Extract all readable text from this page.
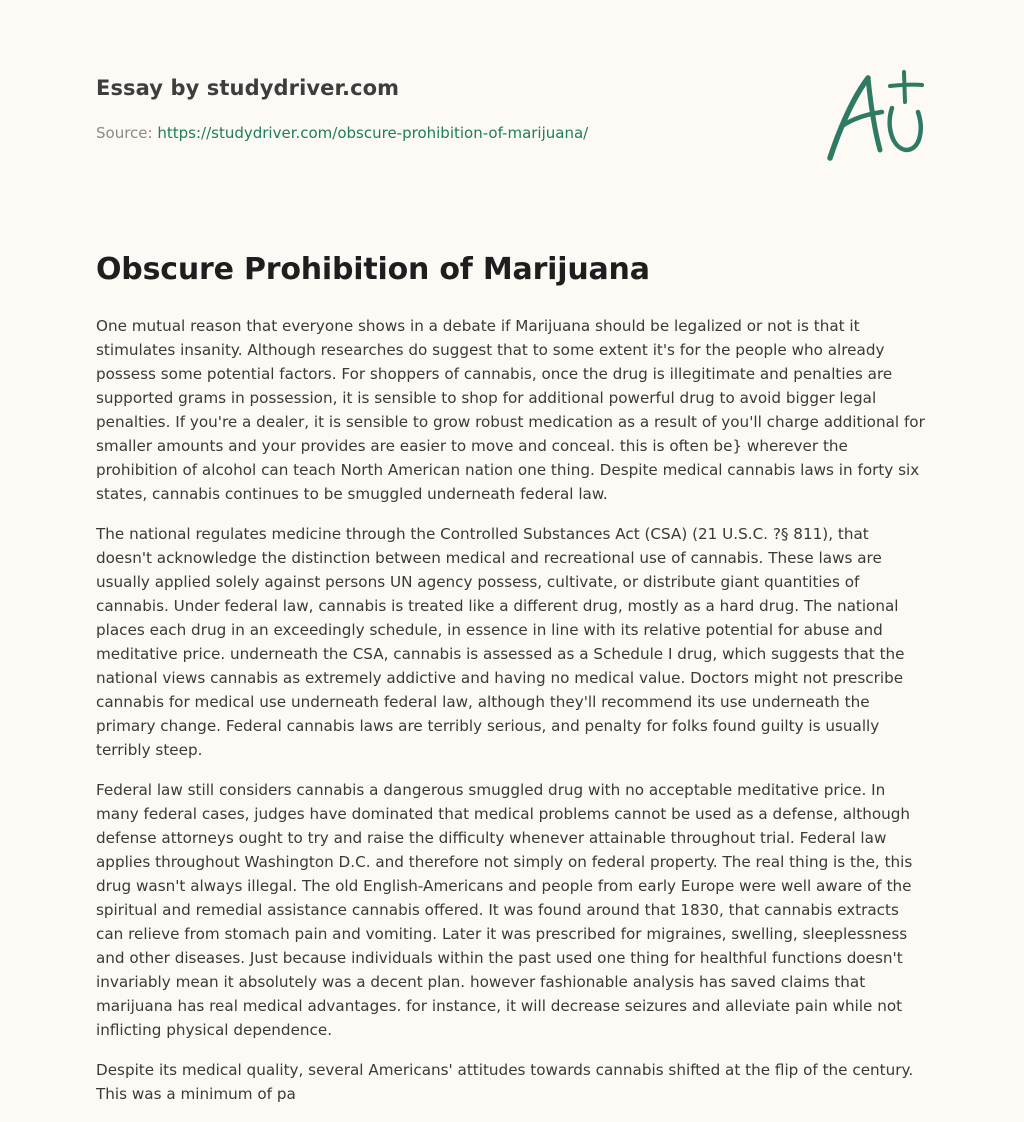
Essay by studydriver.com

Source: https://studydriver.com/obscure-prohibition-of-marijuana/

Obscure Prohibition of Marijuana

One mutual reason that everyone shows in a debate if Marijuana should be legalized or not is that it stimulates insanity. Although researches do suggest that to some extent it's for the people who already possess some potential factors. For shoppers of cannabis, once the drug is illegitimate and penalties are supported grams in possession, it is sensible to shop for additional powerful drug to avoid bigger legal penalties. If you're a dealer, it is sensible to grow robust medication as a result of you'll charge additional for smaller amounts and your provides are easier to move and conceal. this is often be} wherever the prohibition of alcohol can teach North American nation one thing. Despite medical cannabis laws in forty six states, cannabis continues to be smuggled underneath federal law.

The national regulates medicine through the Controlled Substances Act (CSA) (21 U.S.C. ?§ 811), that doesn't acknowledge the distinction between medical and recreational use of cannabis. These laws are usually applied solely against persons UN agency possess, cultivate, or distribute giant quantities of cannabis. Under federal law, cannabis is treated like a different drug, mostly as a hard drug. The national places each drug in an exceedingly schedule, in essence in line with its relative potential for abuse and meditative price. underneath the CSA, cannabis is assessed as a Schedule I drug, which suggests that the national views cannabis as extremely addictive and having no medical value. Doctors might not prescribe cannabis for medical use underneath federal law, although they'll recommend its use underneath the primary change. Federal cannabis laws are terribly serious, and penalty for folks found guilty is usually terribly steep.

Federal law still considers cannabis a dangerous smuggled drug with no acceptable meditative price. In many federal cases, judges have dominated that medical problems cannot be used as a defense, although defense attorneys ought to try and raise the difficulty whenever attainable throughout trial. Federal law applies throughout Washington D.C. and therefore not simply on federal property. The real thing is the, this drug wasn't always illegal. The old English-Americans and people from early Europe were well aware of the spiritual and remedial assistance cannabis offered. It was found around that 1830, that cannabis extracts can relieve from stomach pain and vomiting. Later it was prescribed for migraines, swelling, sleeplessness and other diseases. Just because individuals within the past used one thing for healthful functions doesn't invariably mean it absolutely was a decent plan. however fashionable analysis has saved claims that marijuana has real medical advantages. for instance, it will decrease seizures and alleviate pain while not inflicting physical dependence.

Despite its medical quality, several Americans' attitudes towards cannabis shifted at the flip of the century. This was a minimum of pa
